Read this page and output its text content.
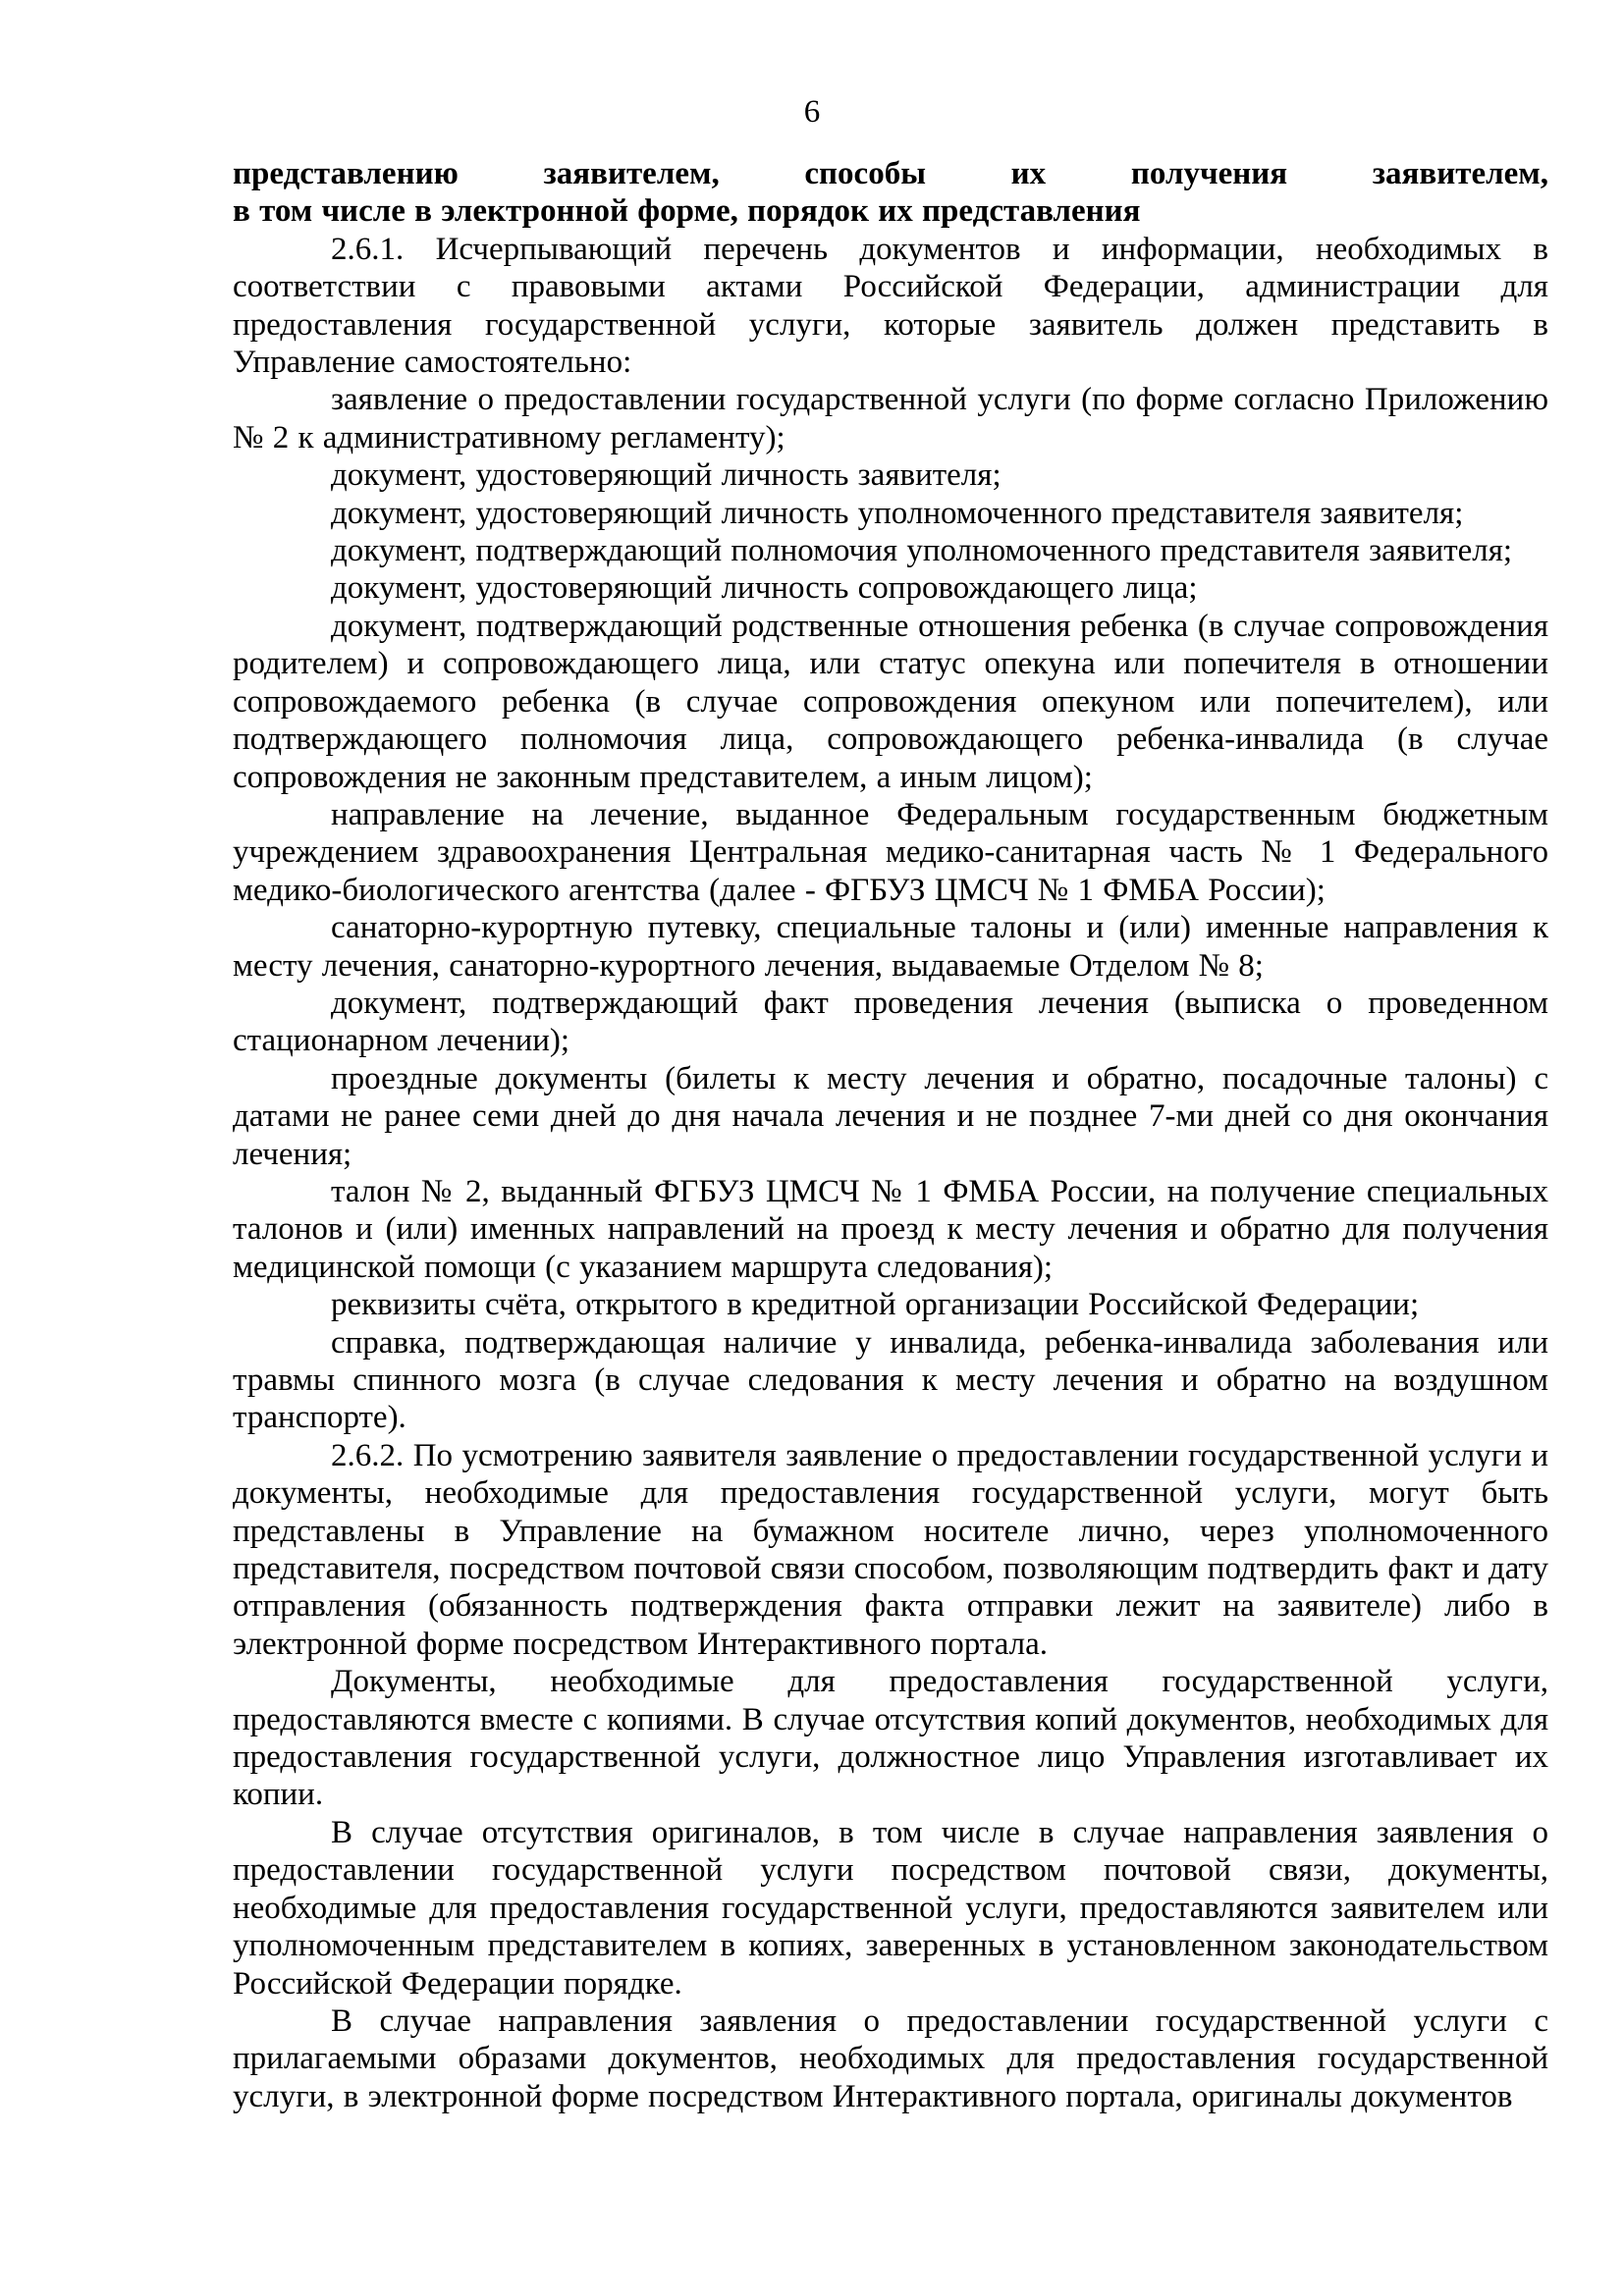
6

представлению заявителем, способы их получения заявителем,

в том числе в электронной форме, порядок их представления

2.6.1. Исчерпывающий перечень документов и информации, необходимых в соответствии с правовыми актами Российской Федерации, администрации для предоставления государственной услуги, которые заявитель должен представить в Управление самостоятельно:

заявление о предоставлении государственной услуги (по форме согласно Приложению № 2 к административному регламенту);

документ, удостоверяющий личность заявителя;

документ, удостоверяющий личность уполномоченного представителя заявителя;

документ, подтверждающий полномочия уполномоченного представителя заявителя;

документ, удостоверяющий личность сопровождающего лица;

документ, подтверждающий родственные отношения ребенка (в случае сопровождения родителем) и сопровождающего лица, или статус опекуна или попечителя в отношении сопровождаемого ребенка (в случае сопровождения опекуном или попечителем), или подтверждающего полномочия лица, сопровождающего ребенка-инвалида (в случае сопровождения не законным представителем, а иным лицом);

направление на лечение, выданное Федеральным государственным бюджетным учреждением здравоохранения Центральная медико-санитарная часть № 1 Федерального медико-биологического агентства (далее - ФГБУЗ ЦМСЧ № 1 ФМБА России);

санаторно-курортную путевку, специальные талоны и (или) именные направления к месту лечения, санаторно-курортного лечения, выдаваемые Отделом № 8;

документ, подтверждающий факт проведения лечения (выписка о проведенном стационарном лечении);

проездные документы (билеты к месту лечения и обратно, посадочные талоны) с датами не ранее семи дней до дня начала лечения и не позднее 7-ми дней со дня окончания лечения;

талон № 2, выданный ФГБУЗ ЦМСЧ № 1 ФМБА России, на получение специальных талонов и (или) именных направлений на проезд к месту лечения и обратно для получения медицинской помощи (с указанием маршрута следования);

реквизиты счёта, открытого в кредитной организации Российской Федерации;

справка, подтверждающая наличие у инвалида, ребенка-инвалида заболевания или травмы спинного мозга (в случае следования к месту лечения и обратно на воздушном транспорте).

2.6.2. По усмотрению заявителя заявление о предоставлении государственной услуги и документы, необходимые для предоставления государственной услуги, могут быть представлены в Управление на бумажном носителе лично, через уполномоченного представителя, посредством почтовой связи способом, позволяющим подтвердить факт и дату отправления (обязанность подтверждения факта отправки лежит на заявителе) либо в электронной форме посредством Интерактивного портала.

Документы, необходимые для предоставления государственной услуги, предоставляются вместе с копиями. В случае отсутствия копий документов, необходимых для предоставления государственной услуги, должностное лицо Управления изготавливает их копии.

В случае отсутствия оригиналов, в том числе в случае направления заявления о предоставлении государственной услуги посредством почтовой связи, документы, необходимые для предоставления государственной услуги, предоставляются заявителем или уполномоченным представителем в копиях, заверенных в установленном законодательством Российской Федерации порядке.

В случае направления заявления о предоставлении государственной услуги с прилагаемыми образами документов, необходимых для предоставления государственной услуги, в электронной форме посредством Интерактивного портала, оригиналы документов
